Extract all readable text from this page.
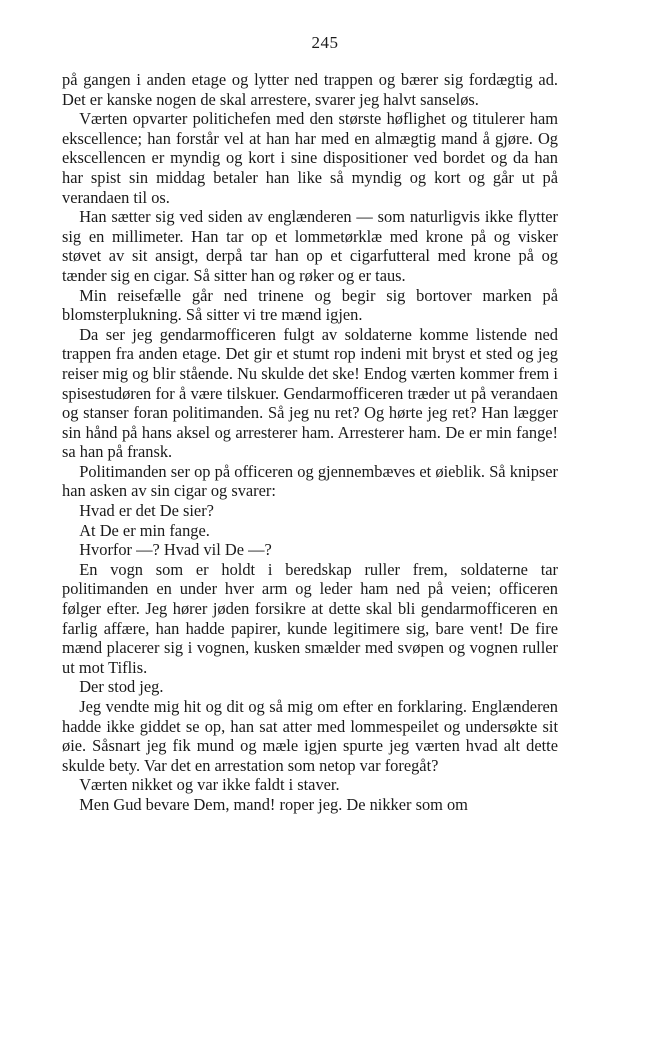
245

på gangen i anden etage og lytter ned trappen og bærer sig fordægtig ad. Det er kanske nogen de skal arrestere, svarer jeg halvt sanseløs.

Værten opvarter politichefen med den største høflighet og titulerer ham ekscellence; han forstår vel at han har med en almægtig mand å gjøre. Og ekscellencen er myndig og kort i sine dispositioner ved bordet og da han har spist sin middag betaler han like så myndig og kort og går ut på verandaen til os.

Han sætter sig ved siden av englænderen — som naturligvis ikke flytter sig en millimeter. Han tar op et lommetørklæ med krone på og visker støvet av sit ansigt, derpå tar han op et cigarfutteral med krone på og tænder sig en cigar. Så sitter han og røker og er taus.

Min reisefælle går ned trinene og begir sig bortover marken på blomsterplukning. Så sitter vi tre mænd igjen.

Da ser jeg gendarmofficeren fulgt av soldaterne komme listende ned trappen fra anden etage. Det gir et stumt rop indeni mit bryst et sted og jeg reiser mig og blir stående. Nu skulde det ske! Endog værten kommer frem i spisestudøren for å være tilskuer. Gendarmofficeren træder ut på verandaen og stanser foran politimanden. Så jeg nu ret? Og hørte jeg ret? Han lægger sin hånd på hans aksel og arresterer ham. Arresterer ham. De er min fange! sa han på fransk.

Politimanden ser op på officeren og gjennembæves et øieblik. Så knipser han asken av sin cigar og svarer:

Hvad er det De sier?

At De er min fange.

Hvorfor —? Hvad vil De —?

En vogn som er holdt i beredskap ruller frem, soldaterne tar politimanden en under hver arm og leder ham ned på veien; officeren følger efter. Jeg hører jøden forsikre at dette skal bli gendarmofficeren en farlig affære, han hadde papirer, kunde legitimere sig, bare vent! De fire mænd placerer sig i vognen, kusken smælder med svøpen og vognen ruller ut mot Tiflis.

Der stod jeg.

Jeg vendte mig hit og dit og så mig om efter en forklaring. Englænderen hadde ikke giddet se op, han sat atter med lommespeilet og undersøkte sit øie. Såsnart jeg fik mund og mæle igjen spurte jeg værten hvad alt dette skulde bety. Var det en arrestation som netop var foregåt?

Værten nikket og var ikke faldt i staver.

Men Gud bevare Dem, mand! roper jeg. De nikker som om
